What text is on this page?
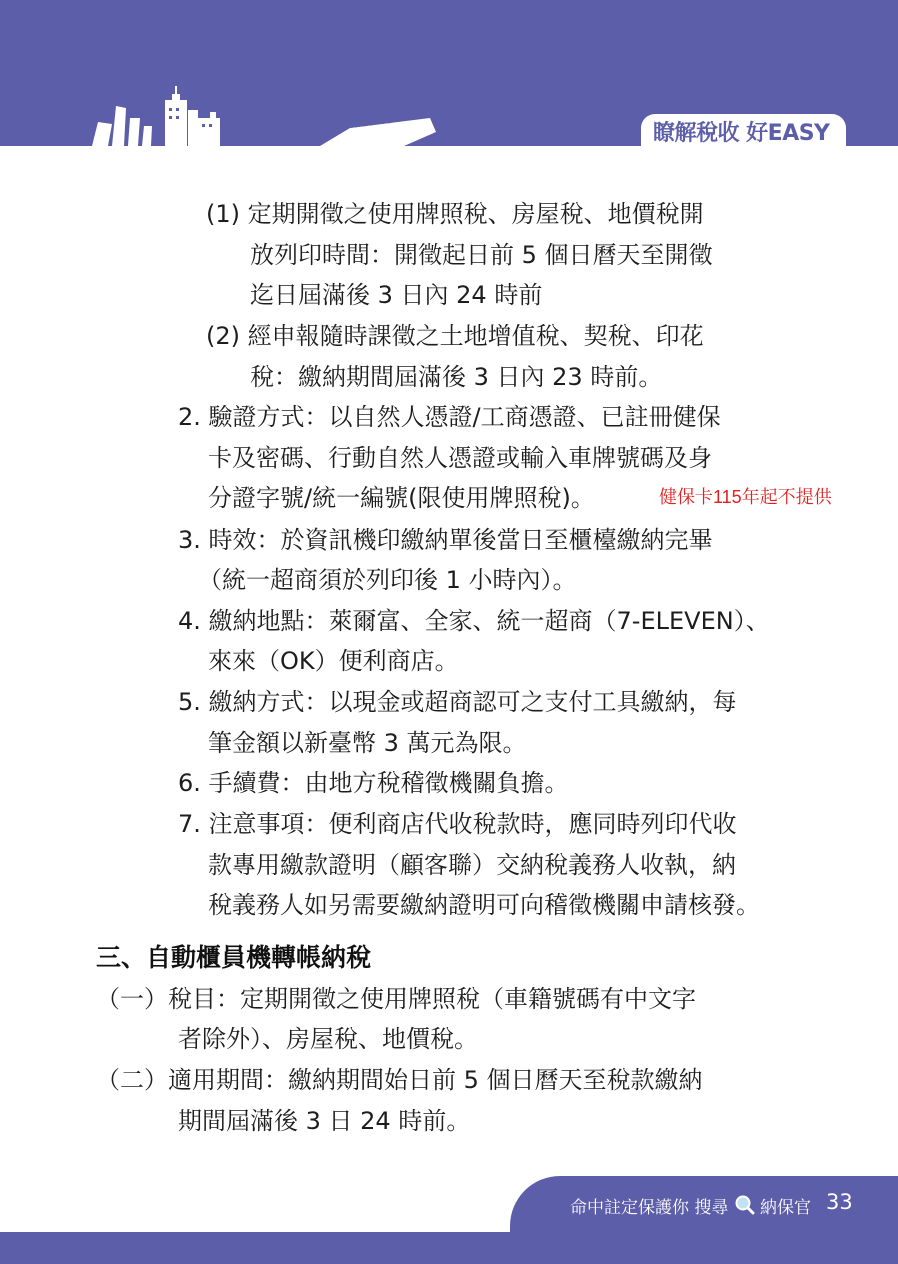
KEELUNG	瞭解稅收 好EASY
(1) 定期開徵之使用牌照稅、房屋稅、地價稅開
放列印時間：開徵起日前 5 個日曆天至開徵
迄日屆滿後 3 日內 24 時前
(2) 經申報隨時課徵之土地增值稅、契稅、印花
稅：繳納期間屆滿後 3 日內 23 時前。
2. 驗證方式：以自然人憑證/工商憑證、已註冊健保
卡及密碼、行動自然人憑證或輸入車牌號碼及身
分證字號/統一編號(限使用牌照稅)。	健保卡115年起不提供
3. 時效：於資訊機印繳納單後當日至櫃檯繳納完畢
（統一超商須於列印後 1 小時內）。
4. 繳納地點：萊爾富、全家、統一超商（7-ELEVEN）、
來來（OK）便利商店。
5. 繳納方式：以現金或超商認可之支付工具繳納，每
筆金額以新臺幣 3 萬元為限。
6. 手續費：由地方稅稽徵機關負擔。
7. 注意事項：便利商店代收稅款時，應同時列印代收
款專用繳款證明（顧客聯）交納稅義務人收執，納
稅義務人如另需要繳納證明可向稽徵機關申請核發。
三、自動櫃員機轉帳納稅
（一）稅目：定期開徵之使用牌照稅（車籍號碼有中文字
者除外）、房屋稅、地價稅。
（二）適用期間：繳納期間始日前 5 個日曆天至稅款繳納
期間屆滿後 3 日 24 時前。
命中註定保護你 搜尋 納保官 33
